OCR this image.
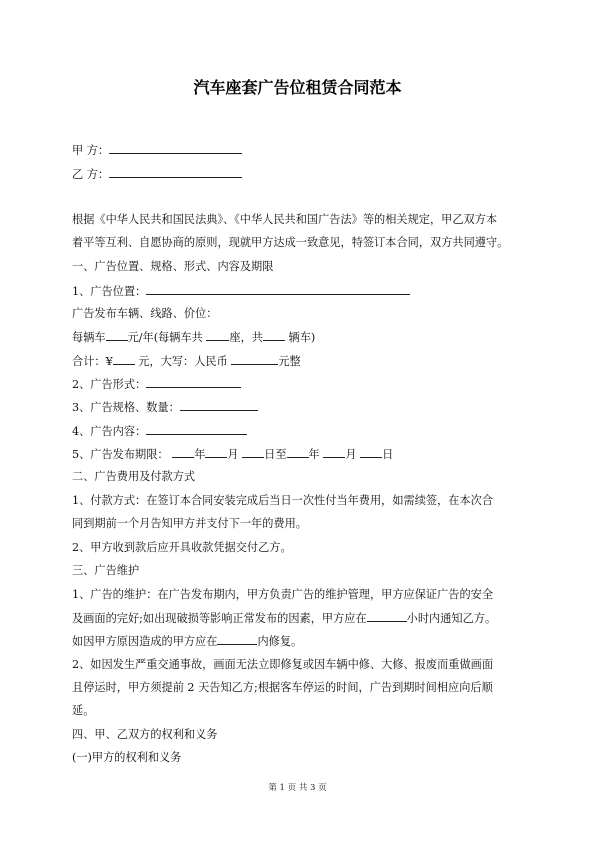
汽车座套广告位租赁合同范本
甲 方：
乙 方：
根据《中华人民共和国民法典》、《中华人民共和国广告法》等的相关规定，甲乙双方本
着平等互利、自愿协商的原则，现就甲方达成一致意见，特签订本合同，双方共同遵守。
一、广告位置、规格、形式、内容及期限
1、广告位置：
广告发布车辆、线路、价位：
每辆车 元/年(每辆车共 座，共 辆车)
合计：¥ 元，大写：人民币	元整
2、广告形式：
3、广告规格、数量：
4、广告内容：
5、广告发布期限： 年 月 日至 年 月 日
二、广告费用及付款方式
1、付款方式：在签订本合同安装完成后当日一次性付当年费用，如需续签，在本次合
同到期前一个月告知甲方并支付下一年的费用。
2、甲方收到款后应开具收款凭据交付乙方。
三、广告维护
1、广告的维护：在广告发布期内，甲方负责广告的维护管理，甲方应保证广告的安全
及画面的完好;如出现破损等影响正常发布的因素，甲方应在	小时内通知乙方。
如因甲方原因造成的甲方应在	内修复。
2、如因发生严重交通事故，画面无法立即修复或因车辆中修、大修、报废而重做画面
且停运时，甲方须提前 2 天告知乙方;根据客车停运的时间，广告到期时间相应向后顺
延。
四、甲、乙双方的权利和义务
(一)甲方的权利和义务
第 1 页 共 3 页
